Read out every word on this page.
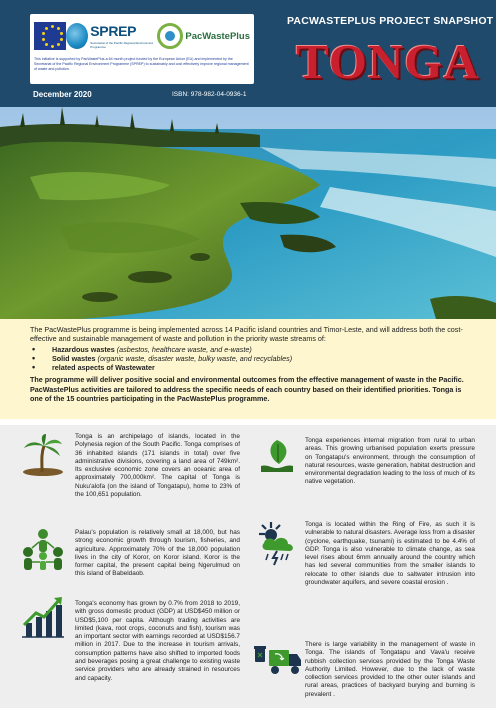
SPREP
Secretariat of the Pacific Regional Environment Programme
PacWastePlus
EUROPEAN UNION
This initiative is supported by PacWastePlus-a 64 month project funded by the European Union (EU) and implemented by the Secretariat of the Pacific Regional Environment Programme (SPREP) to sustainably and cost effectively improve regional management of waste and pollution.
PACWASTEPLUS PROJECT SNAPSHOT
TONGA
December 2020	ISBN: 978-982-04-0936-1

The PacWastePlus programme is being implemented across 14 Pacific island countries and Timor-Leste, and will address both the cost-effective and sustainable management of waste and pollution in the priority waste streams of:

• Hazardous wastes (asbestos, healthcare waste, and e-waste)
• Solid wastes (organic waste, disaster waste, bulky waste, and recyclables)
• related aspects of Wastewater

The programme will deliver positive social and environmental outcomes from the effective management of waste in the Pacific. PacWastePlus activities are tailored to address the specific needs of each country based on their identified priorities. Tonga is one of the 15 countries participating in the PacWastePlus programme.

Tonga is an archipelago of islands, located in the Polynesia region of the South Pacific. Tonga comprises of 36 inhabited islands (171 islands in total) over five administrative divisions, covering a land area of 749km². Its exclusive economic zone covers an oceanic area of approximately 700,000km². The capital of Tonga is Nuku'alofa (on the island of Tongatapu), home to 23% of the 100,651 population.
Palau's population is relatively small at 18,000, but has strong economic growth through tourism, fisheries, and agriculture. Approximately 70% of the 18,000 population lives in the city of Koror, on Koror island. Koror is the former capital, the present capital being Ngerulmud on this island of Babeldaob.
Tonga's economy has grown by 0.7% from 2018 to 2019, with gross domestic product (GDP) at USD$450 million or USD$5,100 per capita. Although trading activities are limited (kava, root crops, coconuts and fish), tourism was an important sector with earnings recorded at USD$156.7 million in 2017. Due to the increase in tourism arrivals, consumption patterns have also shifted to imported foods and beverages posing a great challenge to existing waste service providers who are already strained in resources and capacity.
Tonga experiences internal migration from rural to urban areas. This growing urbanised population exerts pressure on Tongatapu's environment, through the consumption of natural resources, waste generation, habitat destruction and environmental degradation leading to the loss of much of its native vegetation.
Tonga is located within the Ring of Fire, as such it is vulnerable to natural disasters. Average loss from a disaster (cyclone, earthquake, tsunami) is estimated to be 4.4% of GDP. Tonga is also vulnerable to climate change, as sea level rises about 6mm annually around the country which has led several communities from the smaller islands to relocate to other islands due to saltwater intrusion into groundwater aquifers, and severe coastal erosion .
There is large variability in the management of waste in Tonga. The islands of Tongatapu and Vava'u receive rubbish collection services provided by the Tonga Waste Authority Limited. However, due to the lack of waste collection services provided to the other outer islands and rural areas, practices of backyard burying and burning is prevalent .
